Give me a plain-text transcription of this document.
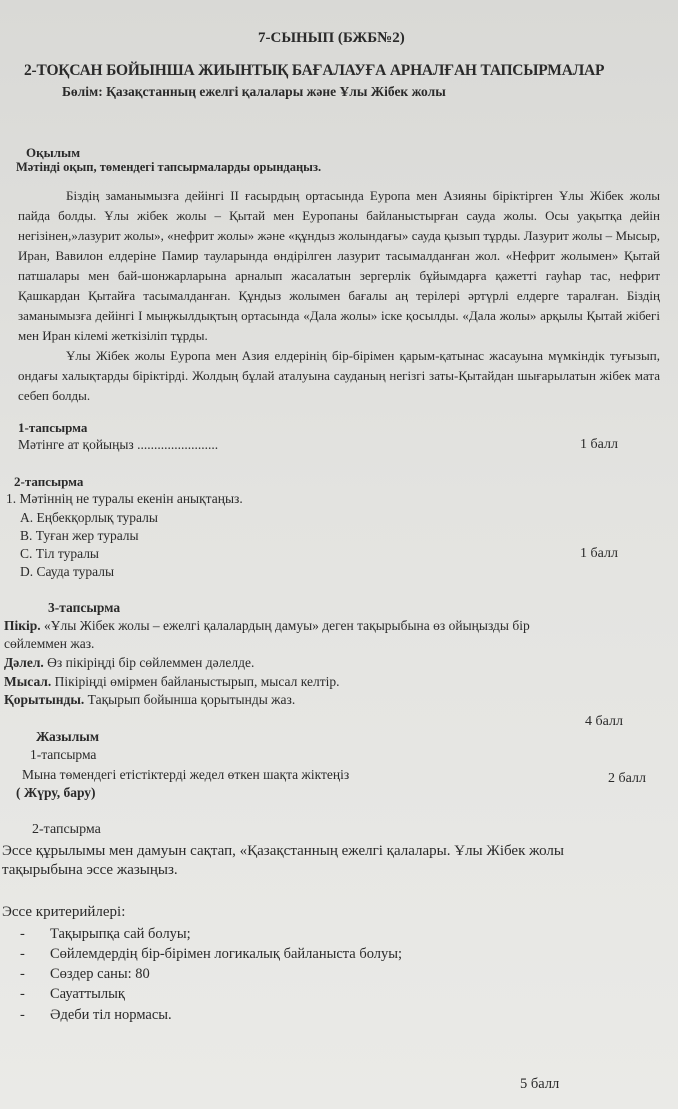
7-СЫНЫП (БЖБ№2)
2-ТОҚСАН БОЙЫНША ЖИЫНТЫҚ БАҒАЛАУҒА АРНАЛҒАН ТАПСЫРМАЛАР
Бөлім: Қазақстанның ежелгі қалалары және Ұлы Жібек жолы
Оқылым
Мәтінді оқып, төмендегі тапсырмаларды орындаңыз.

Біздің заманымызға дейінгі ІІ ғасырдың ортасында Еуропа мен Азияны біріктірген Ұлы Жібек жолы пайда болды. Ұлы жібек жолы – Қытай мен Еуропаны байланыстырған сауда жолы. Осы уақытқа дейін негізінен,»лазурит жолы», «нефрит жолы» және «құндыз жолындағы» сауда қызып тұрды. Лазурит жолы – Мысыр, Иран, Вавилон елдеріне Памир тауларында өндірілген лазурит тасымалданған жол. «Нефрит жолымен» Қытай патшалары мен бай-шонжарларына арналып жасалатын зергерлік бұйымдарға қажетті гауһар тас, нефрит Қашкардан Қытайға тасымалданған. Құндыз жолымен бағалы аң терілері әртүрлі елдерге таралған. Біздің заманымызға дейінгі І мыңжылдықтың ортасында «Дала жолы» іске қосылды. «Дала жолы» арқылы Қытай жібегі мен Иран кілемі жеткізіліп тұрды.

Ұлы Жібек жолы Еуропа мен Азия елдерінің бір-бірімен қарым-қатынас жасауына мүмкіндік туғызып, ондағы халықтарды біріктірді. Жолдың бұлай аталуына сауданың негізгі заты-Қытайдан шығарылатын жібек мата себеп болды.

1-тапсырма
Мәтінге ат қойыңыз ........................	1 балл
2-тапсырма
1. Мәтіннің не туралы екенін анықтаңыз.
A. Еңбекқорлық туралы
B. Туған жер туралы
C. Тіл туралы
D. Сауда туралы
1 балл
3-тапсырма
Пікір. «Ұлы Жібек жолы – ежелгі қалалардың дамуы» деген тақырыбына өз ойыңызды бір
сөйлеммен жаз.
Дәлел. Өз пікіріңді бір сөйлеммен дәлелде.
Мысал. Пікіріңді өмірмен байланыстырып, мысал келтір.
Қорытынды. Тақырып бойынша қорытынды жаз.
4 балл
Жазылым
1-тапсырма
Мына төмендегі етістіктерді жедел өткен шақта жіктеңіз
( Жүру, бару)
2 балл
2-тапсырма
Эссе құрылымы мен дамуын сақтап, «Қазақстанның ежелгі қалалары. Ұлы Жібек жолы
тақырыбына эссе жазыңыз.
Эссе критерийлері:
- Тақырыпқа сай болуы;
- Сөйлемдердің бір-бірімен логикалық байланыста болуы;
- Сөздер саны: 80
- Сауаттылық
- Әдеби тіл нормасы.
5 балл
